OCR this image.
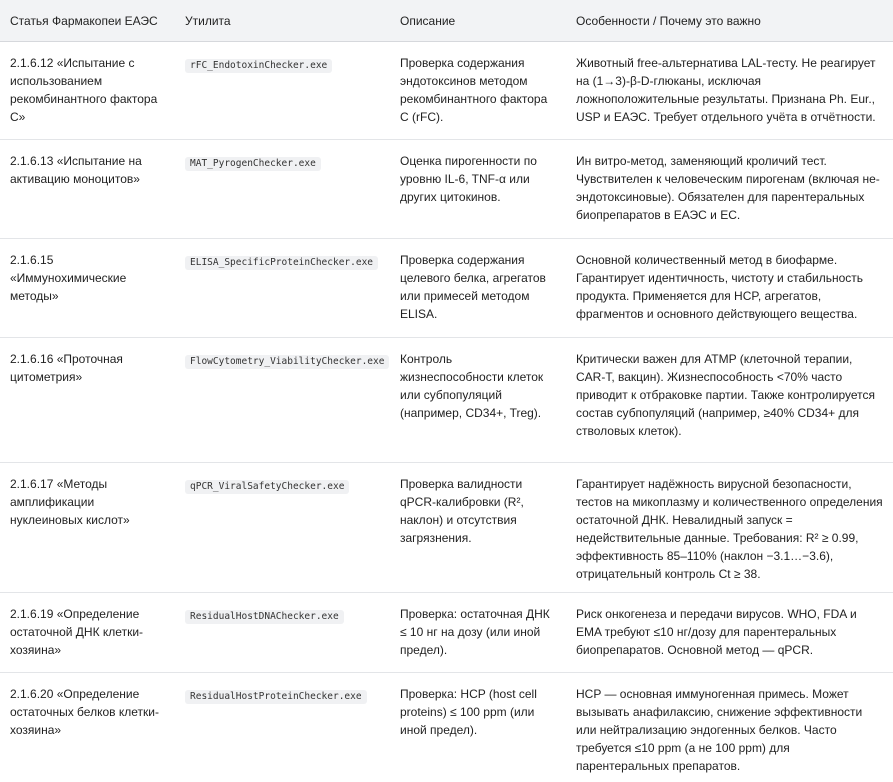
Статья Фармакопеи ЕАЭС	Утилита	Описание	Особенности / Почему это важно
2.1.6.12 «Испытание с использованием рекомбинантного фактора С»	rFC_EndotoxinChecker.exe	Проверка содержания эндотоксинов методом рекомбинантного фактора С (rFC).	Животный free-альтернатива LAL-тесту. Не реагирует на (1→3)-β-D-глюканы, исключая ложноположительные результаты. Признана Ph. Eur., USP и ЕАЭС. Требует отдельного учёта в отчётности.
2.1.6.13 «Испытание на активацию моноцитов»	MAT_PyrogenChecker.exe	Оценка пирогенности по уровню IL-6, TNF-α или других цитокинов.	Ин витро-метод, заменяющий кроличий тест. Чувствителен к человеческим пирогенам (включая не-эндотоксиновые). Обязателен для парентеральных биопрепаратов в ЕАЭС и ЕС.
2.1.6.15 «Иммунохимические методы»	ELISA_SpecificProteinChecker.exe	Проверка содержания целевого белка, агрегатов или примесей методом ELISA.	Основной количественный метод в биофарме. Гарантирует идентичность, чистоту и стабильность продукта. Применяется для HCP, агрегатов, фрагментов и основного действующего вещества.
2.1.6.16 «Проточная цитометрия»	FlowCytometry_ViabilityChecker.exe	Контроль жизнеспособности клеток или субпопуляций (например, CD34+, Treg).	Критически важен для ATMP (клеточной терапии, CAR-T, вакцин). Жизнеспособность <70% часто приводит к отбраковке партии. Также контролируется состав субпопуляций (например, ≥40% CD34+ для стволовых клеток).
2.1.6.17 «Методы амплификации нуклеиновых кислот»	qPCR_ViralSafetyChecker.exe	Проверка валидности qPCR-калибровки (R², наклон) и отсутствия загрязнения.	Гарантирует надёжность вирусной безопасности, тестов на микоплазму и количественного определения остаточной ДНК. Невалидный запуск = недействительные данные. Требования: R² ≥ 0.99, эффективность 85–110% (наклон −3.1…−3.6), отрицательный контроль Ct ≥ 38.
2.1.6.19 «Определение остаточной ДНК клетки-хозяина»	ResidualHostDNAChecker.exe	Проверка: остаточная ДНК ≤ 10 нг на дозу (или иной предел).	Риск онкогенеза и передачи вирусов. WHO, FDA и EMA требуют ≤10 нг/дозу для парентеральных биопрепаратов. Основной метод — qPCR.
2.1.6.20 «Определение остаточных белков клетки-хозяина»	ResidualHostProteinChecker.exe	Проверка: HCP (host cell proteins) ≤ 100 ppm (или иной предел).	HCP — основная иммуногенная примесь. Может вызывать анафилаксию, снижение эффективности или нейтрализацию эндогенных белков. Часто требуется ≤10 ppm (а не 100 ppm) для парентеральных препаратов.
